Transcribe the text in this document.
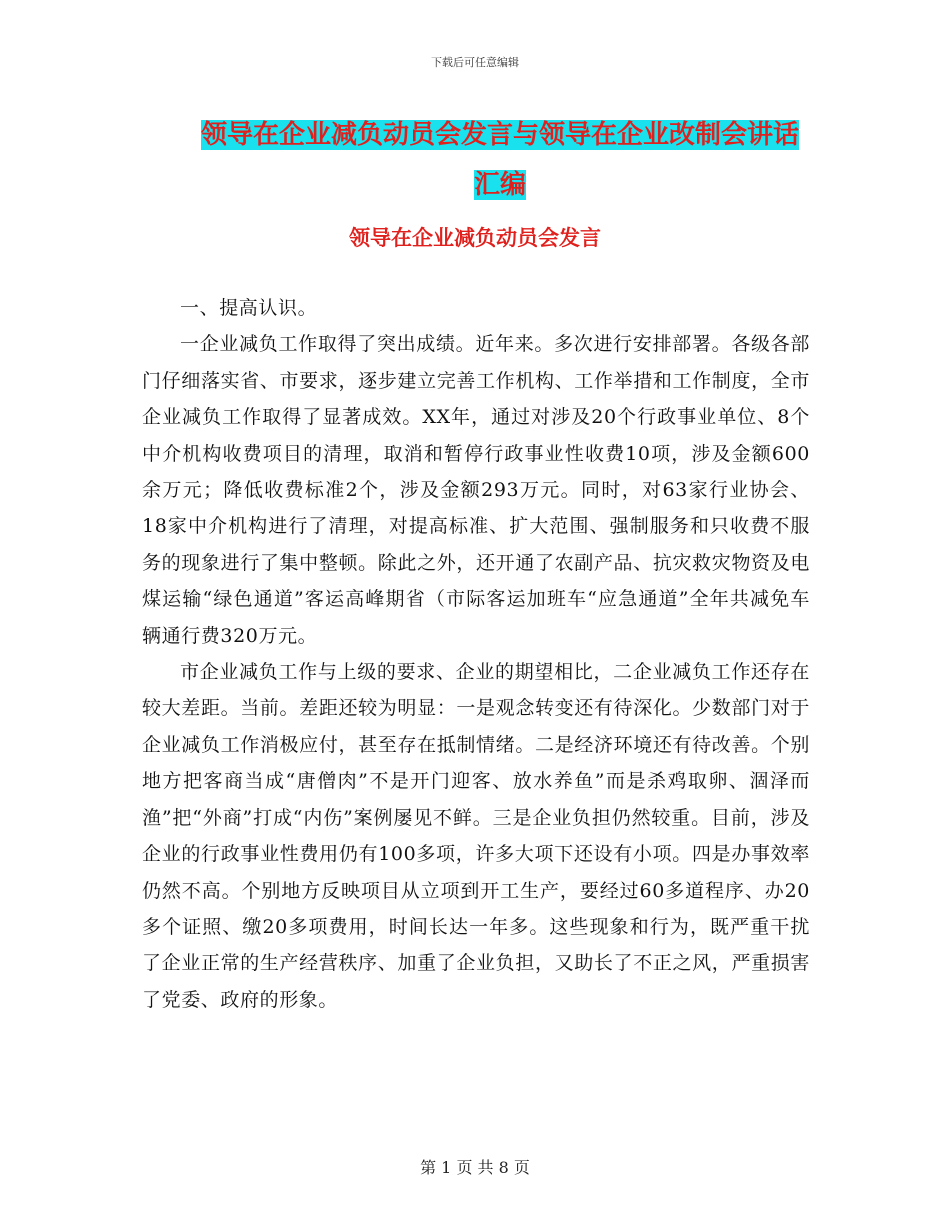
下载后可任意编辑
领导在企业减负动员会发言与领导在企业改制会讲话
汇编
领导在企业减负动员会发言

一、提高认识。

一企业减负工作取得了突出成绩。近年来。多次进行安排部署。各级各部门仔细落实省、市要求，逐步建立完善工作机构、工作举措和工作制度，全市企业减负工作取得了显著成效。XX年，通过对涉及20个行政事业单位、8个中介机构收费项目的清理，取消和暂停行政事业性收费10项，涉及金额600余万元；降低收费标准2个，涉及金额293万元。同时，对63家行业协会、18家中介机构进行了清理，对提高标准、扩大范围、强制服务和只收费不服务的现象进行了集中整顿。除此之外，还开通了农副产品、抗灾救灾物资及电煤运输“绿色通道”客运高峰期省（市际客运加班车“应急通道”全年共减免车辆通行费320万元。

市企业减负工作与上级的要求、企业的期望相比，二企业减负工作还存在较大差距。当前。差距还较为明显：一是观念转变还有待深化。少数部门对于企业减负工作消极应付，甚至存在抵制情绪。二是经济环境还有待改善。个别地方把客商当成“唐僧肉”不是开门迎客、放水养鱼”而是杀鸡取卵、涸泽而渔”把“外商”打成“内伤”案例屡见不鲜。三是企业负担仍然较重。目前，涉及企业的行政事业性费用仍有100多项，许多大项下还设有小项。四是办事效率仍然不高。个别地方反映项目从立项到开工生产，要经过60多道程序、办20多个证照、缴20多项费用，时间长达一年多。这些现象和行为，既严重干扰了企业正常的生产经营秩序、加重了企业负担，又助长了不正之风，严重损害了党委、政府的形象。

第 1 页 共 8 页
